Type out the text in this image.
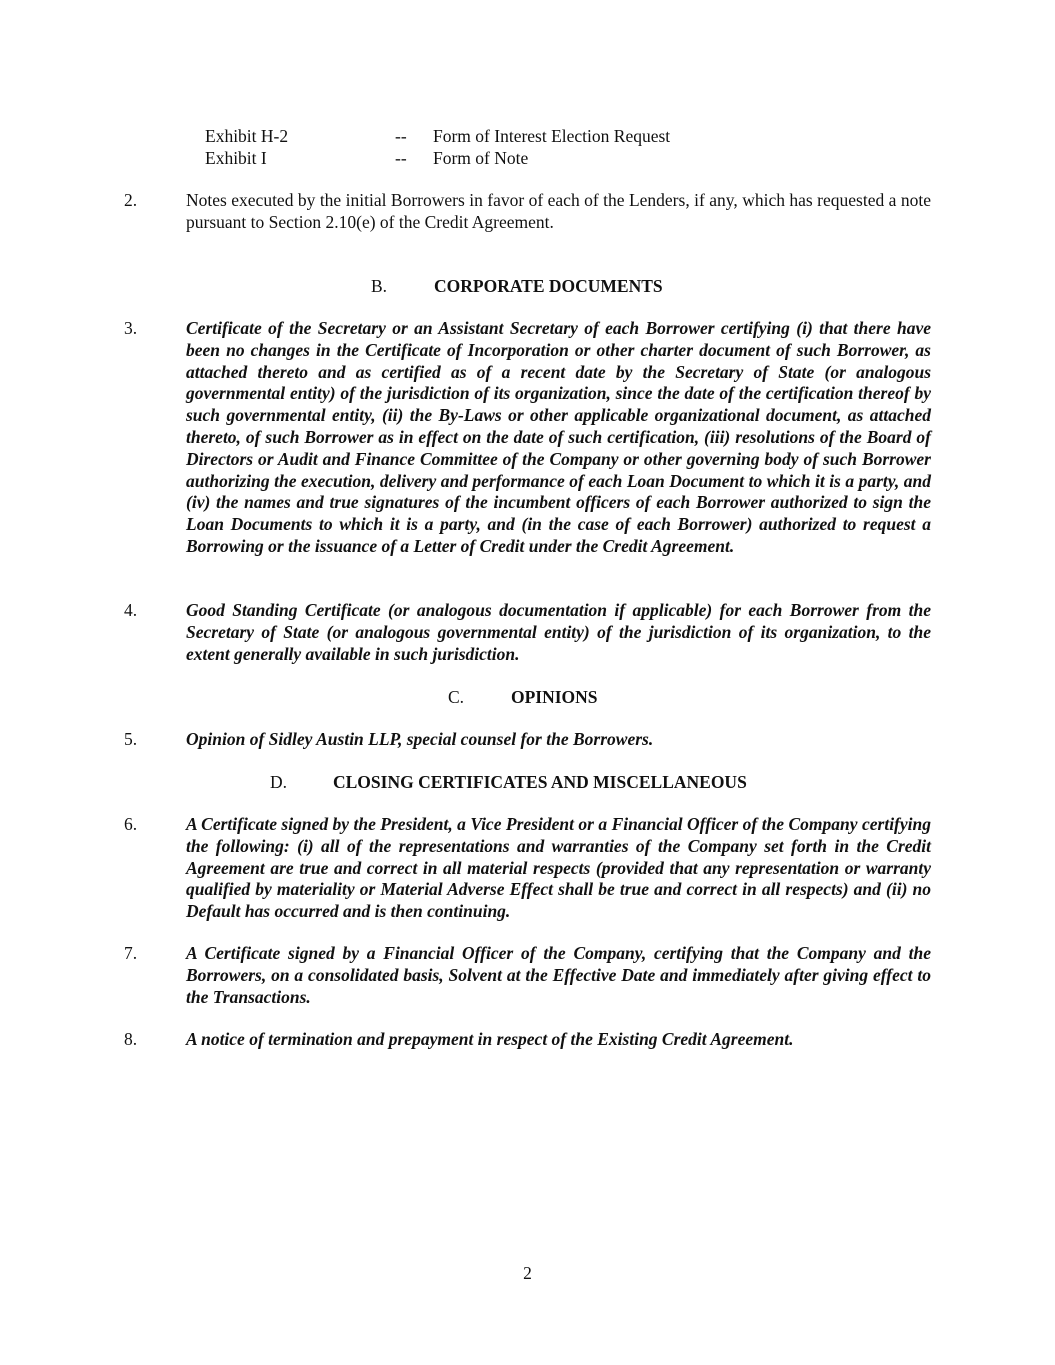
Exhibit H-2	-- Form of Interest Election Request
Exhibit I	-- Form of Note
2.	Notes executed by the initial Borrowers in favor of each of the Lenders, if any, which has requested a note pursuant to Section 2.10(e) of the Credit Agreement.
B.	CORPORATE DOCUMENTS
3.	Certificate of the Secretary or an Assistant Secretary of each Borrower certifying (i) that there have been no changes in the Certificate of Incorporation or other charter document of such Borrower, as attached thereto and as certified as of a recent date by the Secretary of State (or analogous governmental entity) of the jurisdiction of its organization, since the date of the certification thereof by such governmental entity, (ii) the By-Laws or other applicable organizational document, as attached thereto, of such Borrower as in effect on the date of such certification, (iii) resolutions of the Board of Directors or Audit and Finance Committee of the Company or other governing body of such Borrower authorizing the execution, delivery and performance of each Loan Document to which it is a party, and (iv) the names and true signatures of the incumbent officers of each Borrower authorized to sign the Loan Documents to which it is a party, and (in the case of each Borrower) authorized to request a Borrowing or the issuance of a Letter of Credit under the Credit Agreement.
4.	Good Standing Certificate (or analogous documentation if applicable) for each Borrower from the Secretary of State (or analogous governmental entity) of the jurisdiction of its organization, to the extent generally available in such jurisdiction.
C.	OPINIONS
5.	Opinion of Sidley Austin LLP, special counsel for the Borrowers.
D.	CLOSING CERTIFICATES AND MISCELLANEOUS
6.	A Certificate signed by the President, a Vice President or a Financial Officer of the Company certifying the following: (i) all of the representations and warranties of the Company set forth in the Credit Agreement are true and correct in all material respects (provided that any representation or warranty qualified by materiality or Material Adverse Effect shall be true and correct in all respects) and (ii) no Default has occurred and is then continuing.
7.	A Certificate signed by a Financial Officer of the Company, certifying that the Company and the Borrowers, on a consolidated basis, Solvent at the Effective Date and immediately after giving effect to the Transactions.
8.	A notice of termination and prepayment in respect of the Existing Credit Agreement.
2
